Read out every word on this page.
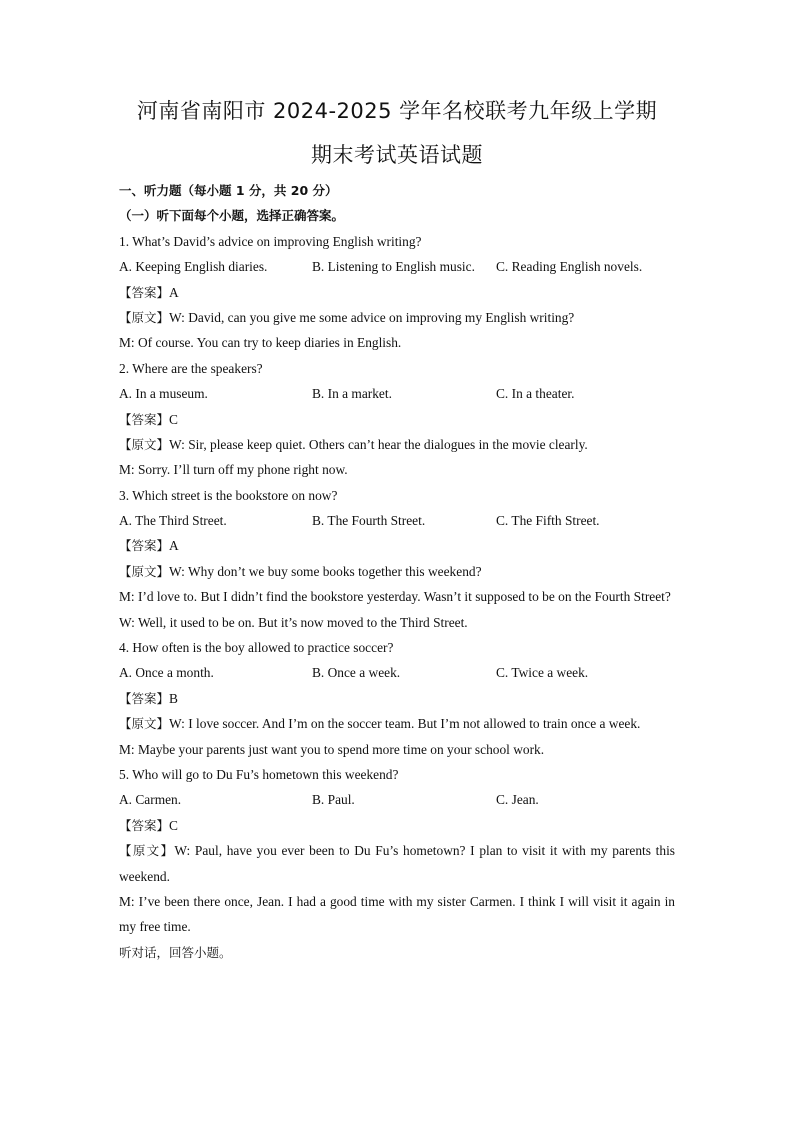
河南省南阳市 2024-2025 学年名校联考九年级上学期
期末考试英语试题
一、听力题（每小题 1 分，共 20 分）
（一）听下面每个小题，选择正确答案。
1. What’s David’s advice on improving English writing?
A. Keeping English diaries.	B. Listening to English music.	C. Reading English novels.
【答案】A
【原文】W: David, can you give me some advice on improving my English writing?
M: Of course. You can try to keep diaries in English.
2. Where are the speakers?
A. In a museum.	B. In a market.	C. In a theater.
【答案】C
【原文】W: Sir, please keep quiet. Others can’t hear the dialogues in the movie clearly.
M: Sorry. I’ll turn off my phone right now.
3. Which street is the bookstore on now?
A. The Third Street.	B. The Fourth Street.	C. The Fifth Street.
【答案】A
【原文】W: Why don’t we buy some books together this weekend?
M: I’d love to. But I didn’t find the bookstore yesterday. Wasn’t it supposed to be on the Fourth Street?
W: Well, it used to be on. But it’s now moved to the Third Street.
4. How often is the boy allowed to practice soccer?
A. Once a month.	B. Once a week.	C. Twice a week.
【答案】B
【原文】W: I love soccer. And I’m on the soccer team. But I’m not allowed to train once a week.
M: Maybe your parents just want you to spend more time on your school work.
5. Who will go to Du Fu’s hometown this weekend?
A. Carmen.	B. Paul.	C. Jean.
【答案】C
【原文】W: Paul, have you ever been to Du Fu’s hometown? I plan to visit it with my parents this weekend.
M: I’ve been there once, Jean. I had a good time with my sister Carmen. I think I will visit it again in my free time.
听对话，回答小题。
